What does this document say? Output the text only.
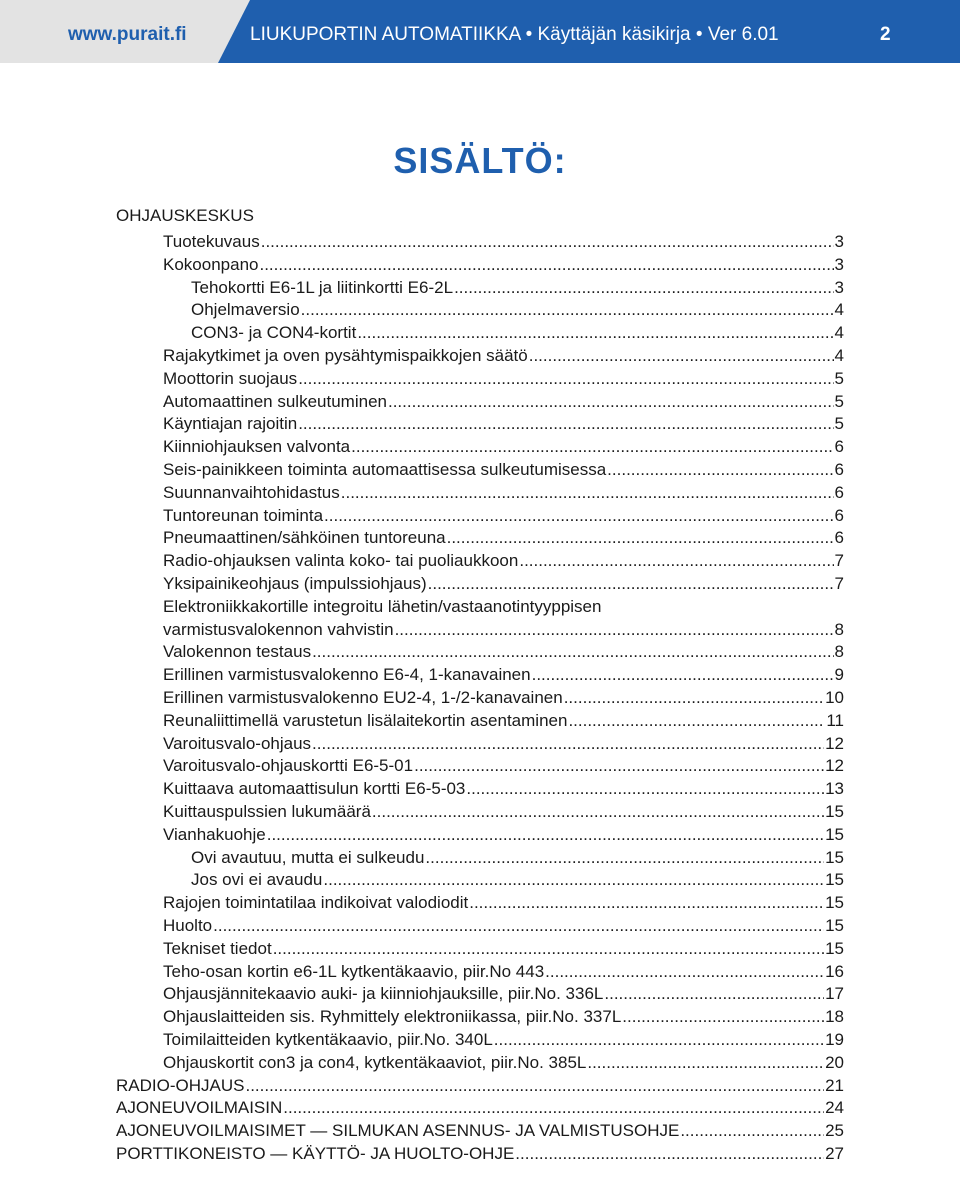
www.purait.fi	LIUKUPORTIN AUTOMATIIKKA • Käyttäjän käsikirja • Ver 6.01	2
SISÄLTÖ:
OHJAUSKESKUS
Tuotekuvaus .....	3
Kokoonpano .....	3
Tehokortti E6-1L ja liitinkortti E6-2L .....	3
Ohjelmaversio .....	4
CON3- ja CON4-kortit .....	4
Rajakytkimet ja oven pysähtymispaikkojen säätö .....	4
Moottorin suojaus .....	5
Automaattinen sulkeutuminen .....	5
Käyntiajan rajoitin .....	5
Kiinniohjauksen valvonta .....	6
Seis-painikkeen toiminta automaattisessa sulkeutumisessa .....	6
Suunnanvaihtohidastus .....	6
Tuntoreunan toiminta .....	6
Pneumaattinen/sähköinen tuntoreuna .....	6
Radio-ohjauksen valinta koko- tai puoliaukkoon .....	7
Yksipainikeohjaus (impulssiohjaus) .....	7
Elektroniikkakortille integroitu lähetin/vastaanotintyyppisen
varmistusvalokennon vahvistin .....	8
Valokennon testaus .....	8
Erillinen varmistusvalokenno E6-4, 1-kanavainen .....	9
Erillinen varmistusvalokenno EU2-4, 1-/2-kanavainen .....	10
Reunaliittimellä varustetun lisälaitekortin asentaminen .....	11
Varoitusvalo-ohjaus .....	12
Varoitusvalo-ohjauskortti E6-5-01 .....	12
Kuittaava automaattisulun kortti E6-5-03 .....	13
Kuittauspulssien lukumäärä .....	15
Vianhakuohje .....	15
Ovi avautuu, mutta ei sulkeudu .....	15
Jos ovi ei avaudu .....	15
Rajojen toimintatilaa indikoivat valodiodit .....	15
Huolto .....	15
Tekniset tiedot .....	15
Teho-osan kortin e6-1L kytkentäkaavio, piir.No 443 .....	16
Ohjausjännitekaavio auki- ja kiinniohjauksille, piir.No. 336L .....	17
Ohjauslaitteiden sis. Ryhmittely elektroniikassa, piir.No. 337L .....	18
Toimilaitteiden kytkentäkaavio, piir.No. 340L .....	19
Ohjauskortit con3 ja con4, kytkentäkaaviot, piir.No. 385L .....	20
RADIO-OHJAUS .....	21
AJONEUVOILMAISIN .....	24
AJONEUVOILMAISIMET — SILMUKAN ASENNUS- JA VALMISTUSOHJE .....	25
PORTTIKONEISTO — KÄYTTÖ- JA HUOLTO-OHJE .....	27
